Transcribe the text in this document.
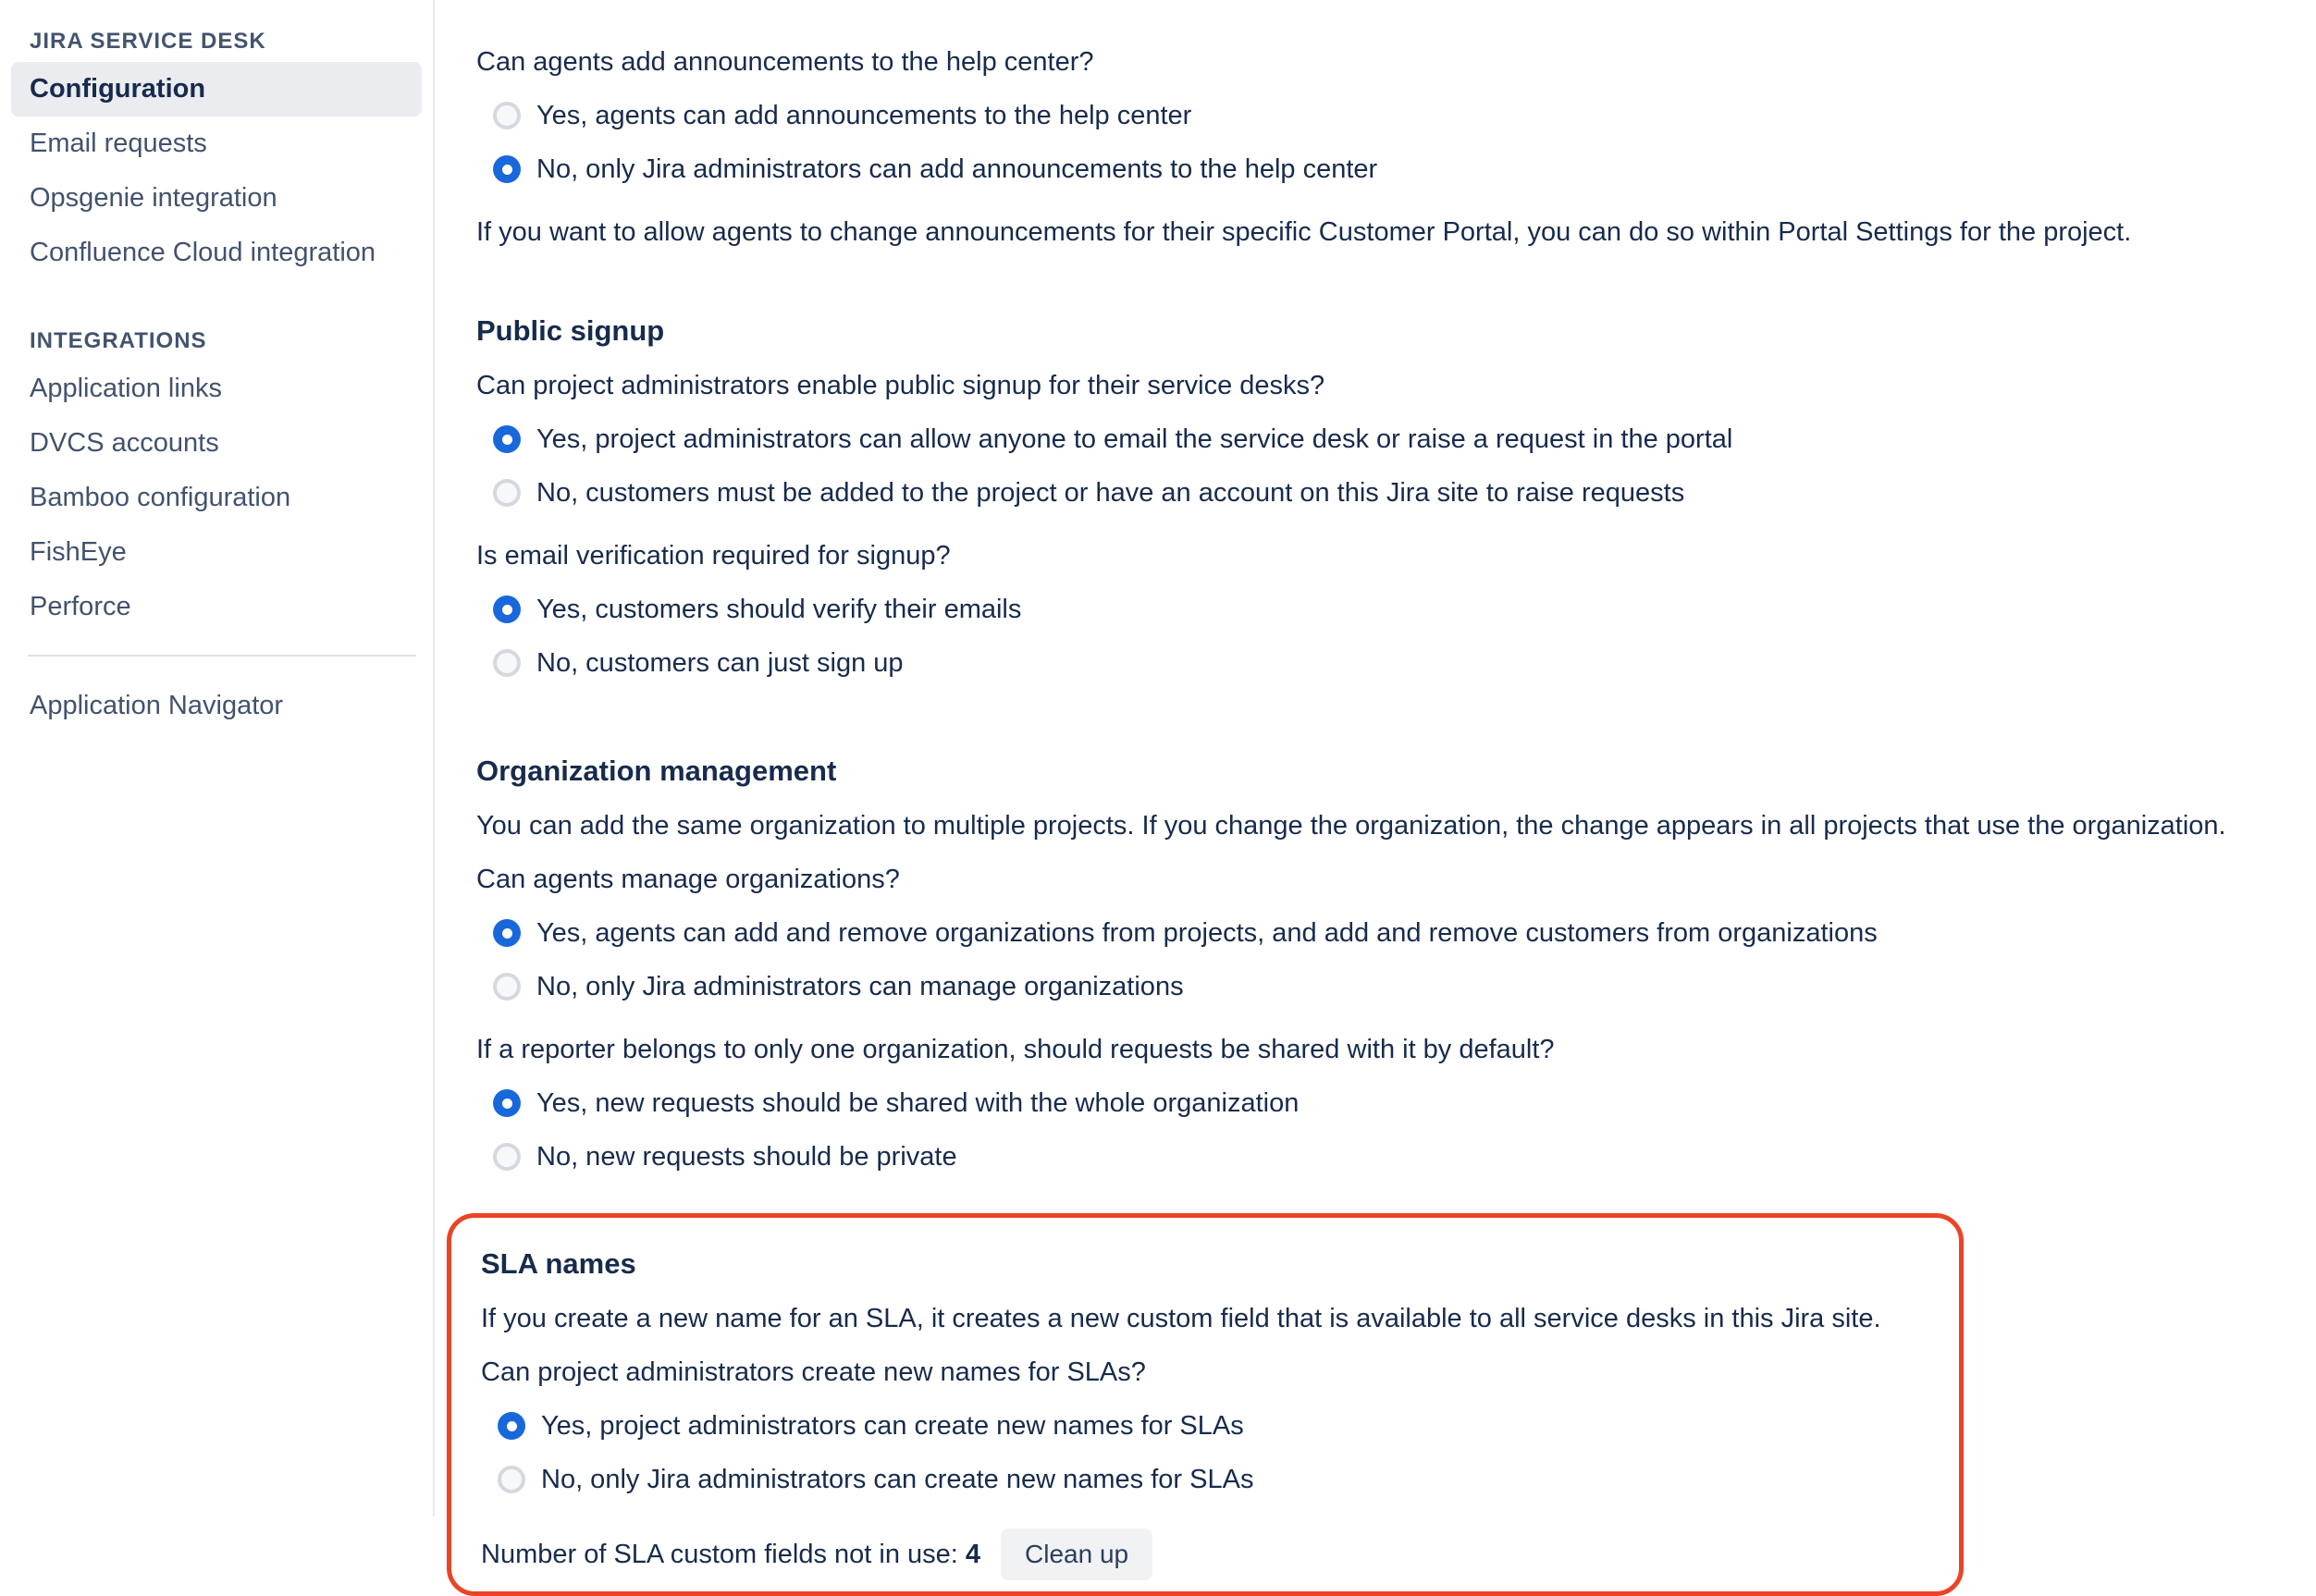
JIRA SERVICE DESK
Configuration
Email requests
Opsgenie integration
Confluence Cloud integration
INTEGRATIONS
Application links
DVCS accounts
Bamboo configuration
FishEye
Perforce
Application Navigator
Can agents add announcements to the help center?
Yes, agents can add announcements to the help center
No, only Jira administrators can add announcements to the help center
If you want to allow agents to change announcements for their specific Customer Portal, you can do so within Portal Settings for the project.
Public signup
Can project administrators enable public signup for their service desks?
Yes, project administrators can allow anyone to email the service desk or raise a request in the portal
No, customers must be added to the project or have an account on this Jira site to raise requests
Is email verification required for signup?
Yes, customers should verify their emails
No, customers can just sign up
Organization management
You can add the same organization to multiple projects. If you change the organization, the change appears in all projects that use the organization.
Can agents manage organizations?
Yes, agents can add and remove organizations from projects, and add and remove customers from organizations
No, only Jira administrators can manage organizations
If a reporter belongs to only one organization, should requests be shared with it by default?
Yes, new requests should be shared with the whole organization
No, new requests should be private
SLA names
If you create a new name for an SLA, it creates a new custom field that is available to all service desks in this Jira site.
Can project administrators create new names for SLAs?
Yes, project administrators can create new names for SLAs
No, only Jira administrators can create new names for SLAs
Number of SLA custom fields not in use: 4	Clean up
